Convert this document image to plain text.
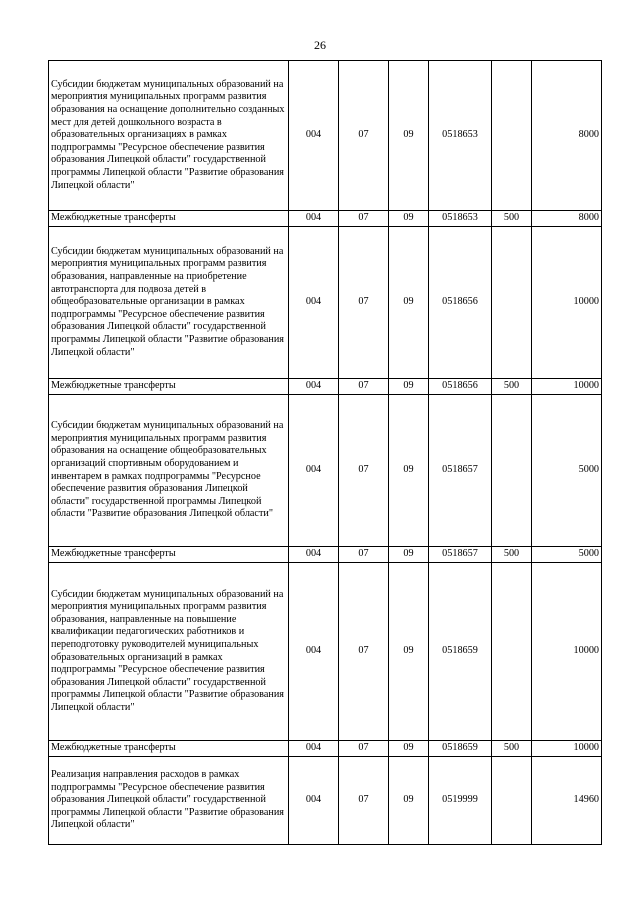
26
Субсидии бюджетам муниципальных образований на мероприятия муниципальных программ развития образования на оснащение дополнительно созданных мест для детей дошкольного возраста в образовательных организациях в рамках подпрограммы "Ресурсное обеспечение развития образования Липецкой области" государственной программы Липецкой области "Развитие образования Липецкой области"	004	07	09	0518653		8000
Межбюджетные трансферты	004	07	09	0518653	500	8000
Субсидии бюджетам муниципальных образований на мероприятия муниципальных программ развития образования, направленные на приобретение автотранспорта для подвоза детей в общеобразовательные организации в рамках подпрограммы "Ресурсное обеспечение развития образования Липецкой области" государственной программы Липецкой области "Развитие образования Липецкой области"	004	07	09	0518656		10000
Межбюджетные трансферты	004	07	09	0518656	500	10000
Субсидии бюджетам муниципальных образований на мероприятия муниципальных программ развития образования на оснащение общеобразовательных организаций спортивным оборудованием и инвентарем в рамках подпрограммы "Ресурсное обеспечение развития образования Липецкой области" государственной программы Липецкой области "Развитие образования Липецкой области"	004	07	09	0518657		5000
Межбюджетные трансферты	004	07	09	0518657	500	5000
Субсидии бюджетам муниципальных образований на мероприятия муниципальных программ развития образования, направленные на повышение квалификации педагогических работников и переподготовку руководителей муниципальных образовательных организаций в рамках подпрограммы "Ресурсное обеспечение развития образования Липецкой области" государственной программы Липецкой области "Развитие образования Липецкой области"	004	07	09	0518659		10000
Межбюджетные трансферты	004	07	09	0518659	500	10000
Реализация направления расходов в рамках подпрограммы "Ресурсное обеспечение развития образования Липецкой области" государственной программы Липецкой области "Развитие образования Липецкой области"	004	07	09	0519999		14960
